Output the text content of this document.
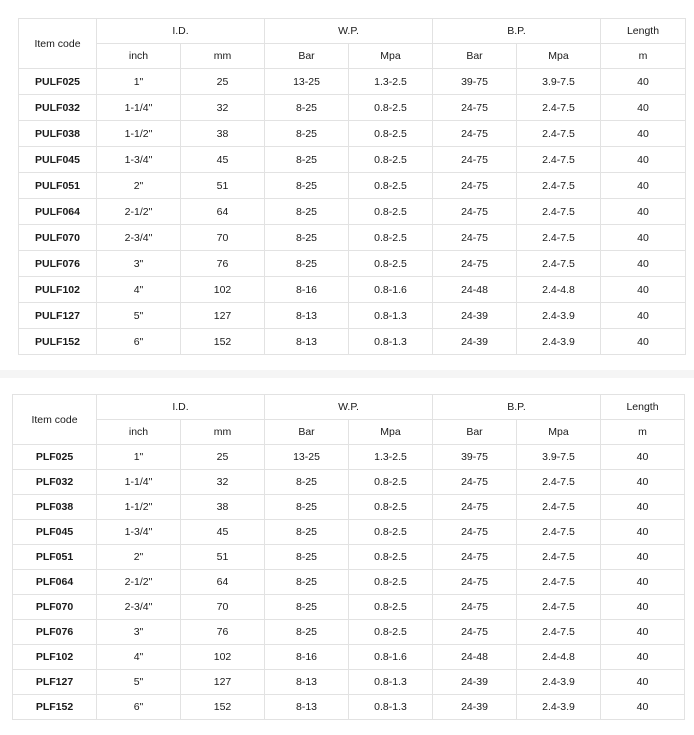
Item code	I.D.		W.P.		B.P.		Length
	inch	mm	Bar	Mpa	Bar	Mpa	m
PULF025	1"	25	13-25	1.3-2.5	39-75	3.9-7.5	40
PULF032	1-1/4"	32	8-25	0.8-2.5	24-75	2.4-7.5	40
PULF038	1-1/2"	38	8-25	0.8-2.5	24-75	2.4-7.5	40
PULF045	1-3/4"	45	8-25	0.8-2.5	24-75	2.4-7.5	40
PULF051	2"	51	8-25	0.8-2.5	24-75	2.4-7.5	40
PULF064	2-1/2"	64	8-25	0.8-2.5	24-75	2.4-7.5	40
PULF070	2-3/4"	70	8-25	0.8-2.5	24-75	2.4-7.5	40
PULF076	3"	76	8-25	0.8-2.5	24-75	2.4-7.5	40
PULF102	4"	102	8-16	0.8-1.6	24-48	2.4-4.8	40
PULF127	5"	127	8-13	0.8-1.3	24-39	2.4-3.9	40
PULF152	6"	152	8-13	0.8-1.3	24-39	2.4-3.9	40
Item code	I.D.		W.P.		B.P.		Length
	inch	mm	Bar	Mpa	Bar	Mpa	m
PLF025	1"	25	13-25	1.3-2.5	39-75	3.9-7.5	40
PLF032	1-1/4"	32	8-25	0.8-2.5	24-75	2.4-7.5	40
PLF038	1-1/2"	38	8-25	0.8-2.5	24-75	2.4-7.5	40
PLF045	1-3/4"	45	8-25	0.8-2.5	24-75	2.4-7.5	40
PLF051	2"	51	8-25	0.8-2.5	24-75	2.4-7.5	40
PLF064	2-1/2"	64	8-25	0.8-2.5	24-75	2.4-7.5	40
PLF070	2-3/4"	70	8-25	0.8-2.5	24-75	2.4-7.5	40
PLF076	3"	76	8-25	0.8-2.5	24-75	2.4-7.5	40
PLF102	4"	102	8-16	0.8-1.6	24-48	2.4-4.8	40
PLF127	5"	127	8-13	0.8-1.3	24-39	2.4-3.9	40
PLF152	6"	152	8-13	0.8-1.3	24-39	2.4-3.9	40
